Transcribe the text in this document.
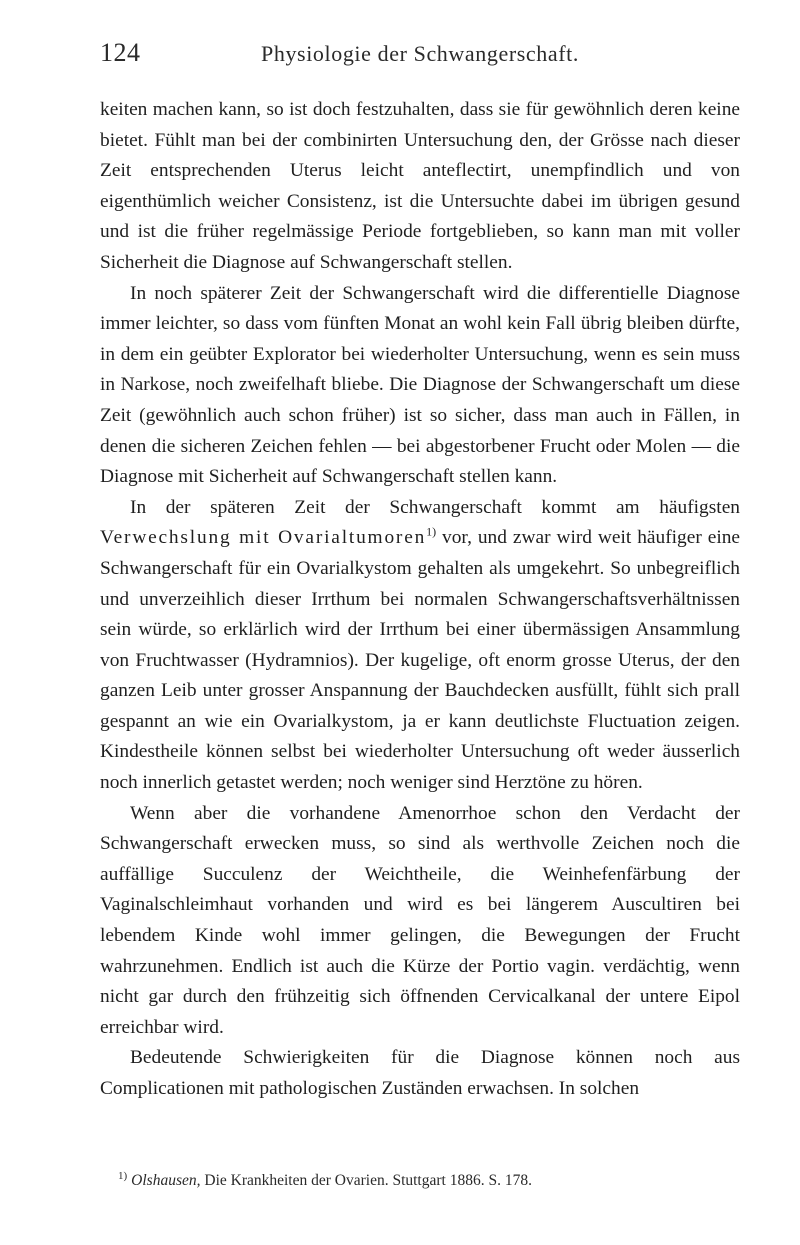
124	Physiologie der Schwangerschaft.

keiten machen kann, so ist doch festzuhalten, dass sie für gewöhnlich deren keine bietet. Fühlt man bei der combinirten Untersuchung den, der Grösse nach dieser Zeit entsprechenden Uterus leicht anteflectirt, unempfindlich und von eigenthümlich weicher Consistenz, ist die Untersuchte dabei im übrigen gesund und ist die früher regelmässige Periode fortgeblieben, so kann man mit voller Sicherheit die Diagnose auf Schwangerschaft stellen.

In noch späterer Zeit der Schwangerschaft wird die differentielle Diagnose immer leichter, so dass vom fünften Monat an wohl kein Fall übrig bleiben dürfte, in dem ein geübter Explorator bei wiederholter Untersuchung, wenn es sein muss in Narkose, noch zweifelhaft bliebe. Die Diagnose der Schwangerschaft um diese Zeit (gewöhnlich auch schon früher) ist so sicher, dass man auch in Fällen, in denen die sicheren Zeichen fehlen — bei abgestorbener Frucht oder Molen — die Diagnose mit Sicherheit auf Schwangerschaft stellen kann.

In der späteren Zeit der Schwangerschaft kommt am häufigsten Verwechslung mit Ovarialtumoren$^{1)}$ vor, und zwar wird weit häufiger eine Schwangerschaft für ein Ovarialkystom gehalten als umgekehrt. So unbegreiflich und unverzeihlich dieser Irrthum bei normalen Schwangerschaftsverhältnissen sein würde, so erklärlich wird der Irrthum bei einer übermässigen Ansammlung von Fruchtwasser (Hydramnios). Der kugelige, oft enorm grosse Uterus, der den ganzen Leib unter grosser Anspannung der Bauchdecken ausfüllt, fühlt sich prall gespannt an wie ein Ovarialkystom, ja er kann deutlichste Fluctuation zeigen. Kindestheile können selbst bei wiederholter Untersuchung oft weder äusserlich noch innerlich getastet werden; noch weniger sind Herztöne zu hören.

Wenn aber die vorhandene Amenorrhoe schon den Verdacht der Schwangerschaft erwecken muss, so sind als werthvolle Zeichen noch die auffällige Succulenz der Weichtheile, die Weinhefenfärbung der Vaginalschleimhaut vorhanden und wird es bei längerem Auscultiren bei lebendem Kinde wohl immer gelingen, die Bewegungen der Frucht wahrzunehmen. Endlich ist auch die Kürze der Portio vagin. verdächtig, wenn nicht gar durch den frühzeitig sich öffnenden Cervicalkanal der untere Eipol erreichbar wird.

Bedeutende Schwierigkeiten für die Diagnose können noch aus Complicationen mit pathologischen Zuständen erwachsen. In solchen

$^{1)}$ Olshausen, Die Krankheiten der Ovarien. Stuttgart 1886. S. 178.
